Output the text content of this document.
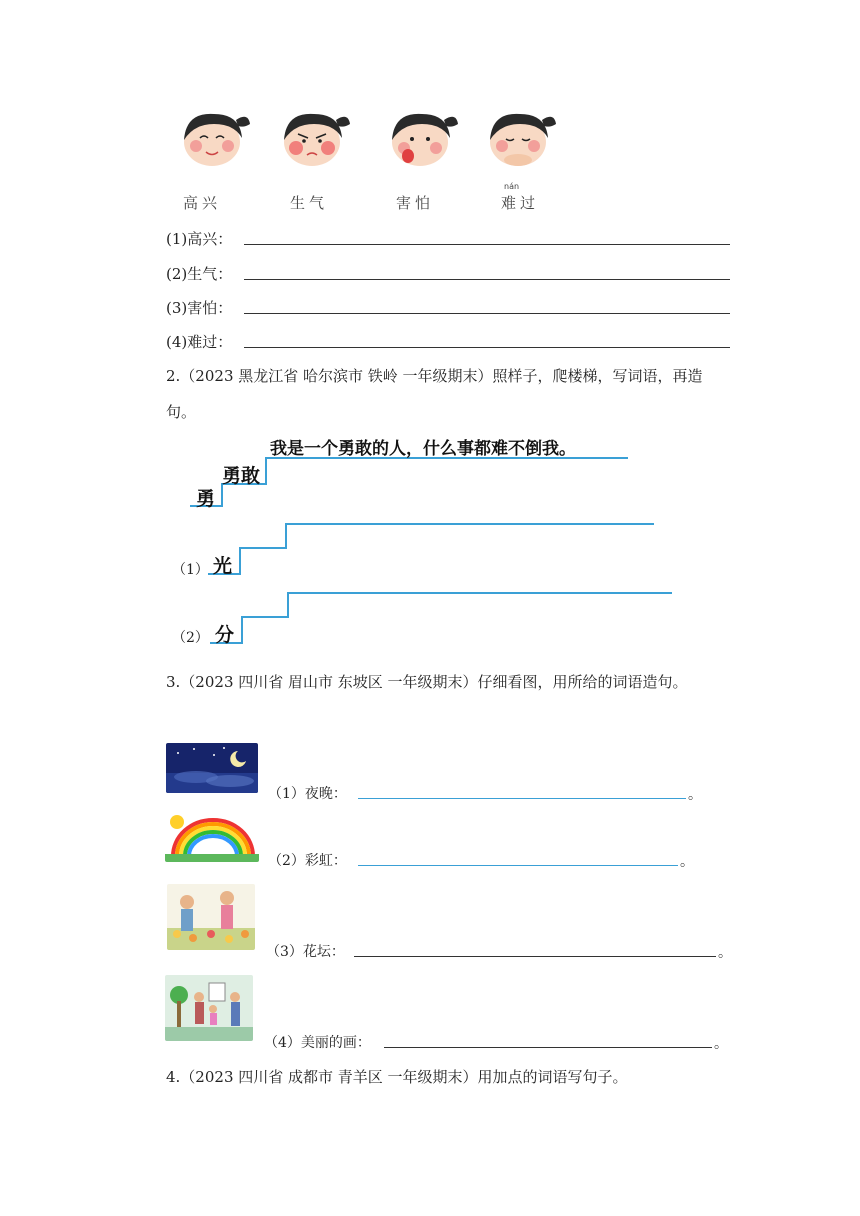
高兴	生气	害怕
nán
难过
(1)高兴：
(2)生气：
(3)害怕：
(4)难过：
2.（2023 黑龙江省 哈尔滨市 铁岭 一年级期末）照样子，爬楼梯，写词语，再造句。
我是一个勇敢的人，什么事都难不倒我。
勇敢
勇
（1） 光
（2） 分
3.（2023 四川省 眉山市 东坡区 一年级期末）仔细看图，用所给的词语造句。
（1）夜晚：	。
（2）彩虹：	。
（3）花坛：	。
（4）美丽的画：	。
4.（2023 四川省 成都市 青羊区 一年级期末）用加点的词语写句子。
